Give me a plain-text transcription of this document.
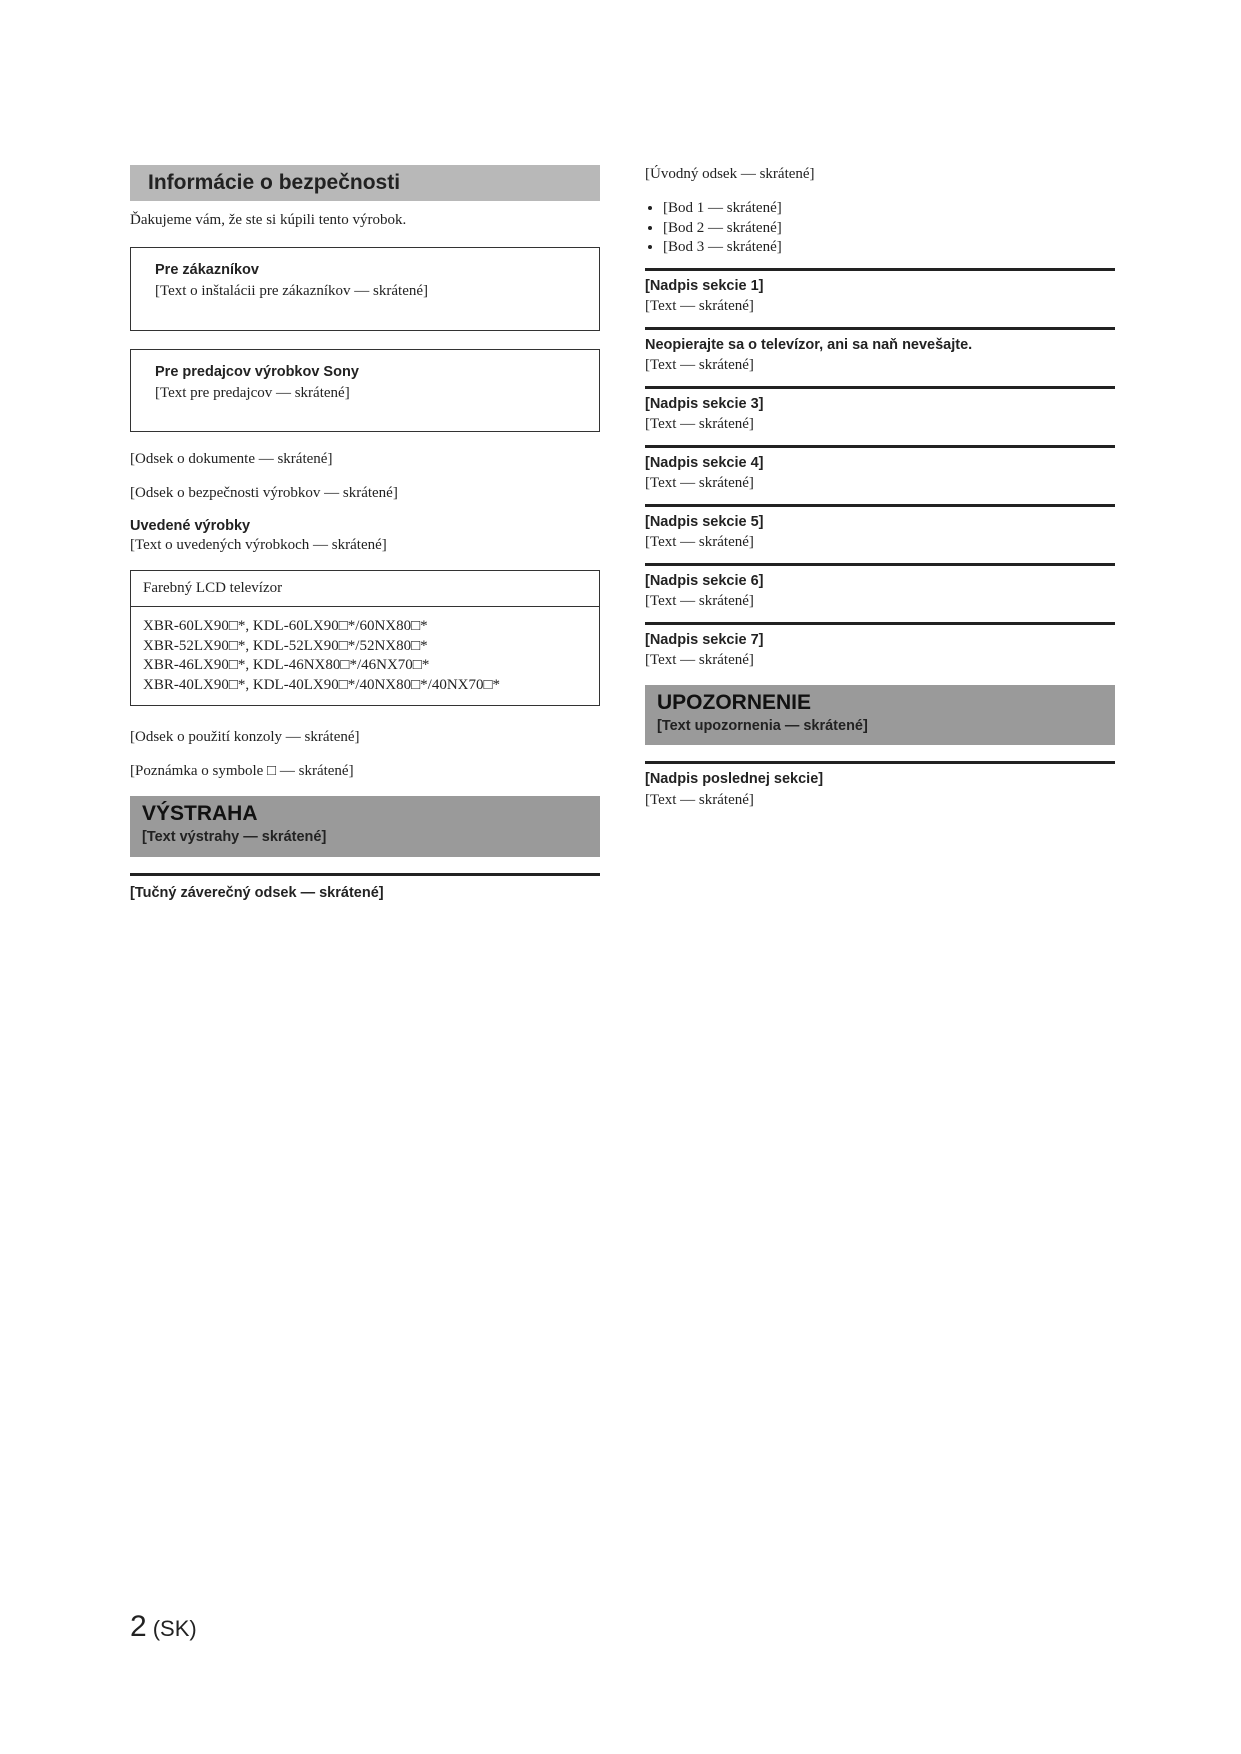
Informácie o bezpečnosti

Ďakujeme vám, že ste si kúpili tento výrobok.

Pre zákazníkov

[Text o inštalácii pre zákazníkov — skrátené]

Pre predajcov výrobkov Sony

[Text pre predajcov — skrátené]

[Odsek o dokumente — skrátené]

[Odsek o bezpečnosti výrobkov — skrátené]

Uvedené výrobky

[Text o uvedených výrobkoch — skrátené]

Farebný LCD televízor
XBR-60LX90□*, KDL-60LX90□*/60NX80□*
XBR-52LX90□*, KDL-52LX90□*/52NX80□*
XBR-46LX90□*, KDL-46NX80□*/46NX70□*
XBR-40LX90□*, KDL-40LX90□*/40NX80□*/40NX70□*

[Odsek o použití konzoly — skrátené]

[Poznámka o symbole □ — skrátené]

VÝSTRAHA
[Text výstrahy — skrátené]
[Tučný záverečný odsek — skrátené]

[Úvodný odsek — skrátené]

• [Bod 1 — skrátené]
• [Bod 2 — skrátené]
• [Bod 3 — skrátené]
[Nadpis sekcie 1]

[Text — skrátené]

Neopierajte sa o televízor, ani sa naň nevešajte.

[Text — skrátené]

[Nadpis sekcie 3]

[Text — skrátené]

[Nadpis sekcie 4]

[Text — skrátené]

[Nadpis sekcie 5]

[Text — skrátené]

[Nadpis sekcie 6]

[Text — skrátené]

[Nadpis sekcie 7]

[Text — skrátené]

UPOZORNENIE
[Text upozornenia — skrátené]
[Nadpis poslednej sekcie]

[Text — skrátené]

2 (SK)
